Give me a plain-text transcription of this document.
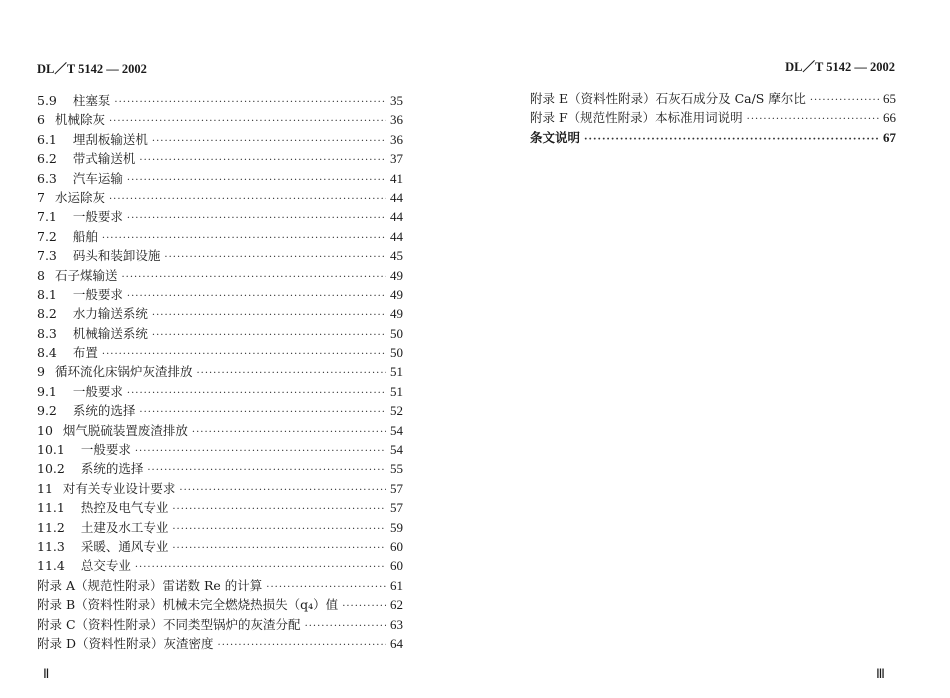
DL／T 5142 — 2002	DL／T 5142 — 2002
5.9 柱塞泵 ·····	35
6 机械除灰 ·····	36
6.1 埋刮板输送机 ·····	36
6.2 带式输送机 ·····	37
6.3 汽车运输 ·····	41
7 水运除灰 ·····	44
7.1 一般要求 ·····	44
7.2 船舶 ·····	44
7.3 码头和装卸设施 ·····	45
8 石子煤输送 ·····	49
8.1 一般要求 ·····	49
8.2 水力输送系统 ·····	49
8.3 机械输送系统 ·····	50
8.4 布置 ·····	50
9 循环流化床锅炉灰渣排放 ·····	51
9.1 一般要求 ·····	51
9.2 系统的选择 ·····	52
10 烟气脱硫装置废渣排放 ·····	54
10.1 一般要求 ·····	54
10.2 系统的选择 ·····	55
11 对有关专业设计要求 ·····	57
11.1 热控及电气专业 ·····	57
11.2 土建及水工专业 ·····	59
11.3 采暖、通风专业 ·····	60
11.4 总交专业 ·····	60
附录 A （规范性附录）雷诺数 Re 的计算 ·····	61
附录 B （资料性附录）机械未完全燃烧热损失（q₄）值 ·····	62
附录 C （资料性附录）不同类型锅炉的灰渣分配 ·····	63
附录 D （资料性附录）灰渣密度 ·····	64
附录 E （资料性附录）石灰石成分及 Ca/S 摩尔比 ·····	65
附录 F （规范性附录）本标准用词说明 ·····	66
条文说明 ·····	67
Ⅱ	Ⅲ
